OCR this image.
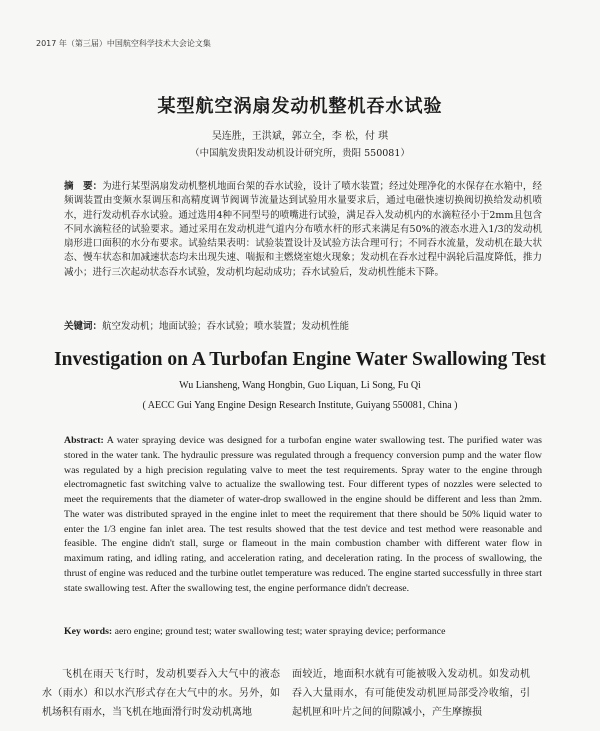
2017 年（第三届）中国航空科学技术大会论文集
某型航空涡扇发动机整机吞水试验
吴连胜，王洪斌，郭立全，李 松，付 琪
（中国航发贵阳发动机设计研究所，贵阳 550081）
摘　要：为进行某型涡扇发动机整机地面台架的吞水试验，设计了喷水装置；经过处理净化的水保存在水箱中，经频调装置由变频水泵调压和高精度调节阀调节流量达到试验用水量要求后，通过电磁快速切换阀切换给发动机喷水，进行发动机吞水试验。通过选用4种不同型号的喷嘴进行试验，满足吞入发动机内的水滴粒径小于2mm且包含不同水滴粒径的试验要求。通过采用在发动机进气道内分布喷水杆的形式来满足有50%的液态水进入1/3的发动机扇形进口面积的水分布要求。试验结果表明：试验装置设计及试验方法合理可行；不同吞水流量，发动机在最大状态、慢车状态和加减速状态均未出现失速、喘振和主燃烧室熄火现象；发动机在吞水过程中涡轮后温度降低，推力减小；进行三次起动状态吞水试验，发动机均起动成功；吞水试验后，发动机性能未下降。
关键词：航空发动机；地面试验；吞水试验；喷水装置；发动机性能
Investigation on A Turbofan Engine Water Swallowing Test
Wu Liansheng, Wang Hongbin, Guo Liquan, Li Song, Fu Qi
( AECC Gui Yang Engine Design Research Institute, Guiyang 550081, China )
Abstract: A water spraying device was designed for a turbofan engine water swallowing test. The purified water was stored in the water tank. The hydraulic pressure was regulated through a frequency conversion pump and the water flow was regulated by a high precision regulating valve to meet the test requirements. Spray water to the engine through electromagnetic fast switching valve to actualize the swallowing test. Four different types of nozzles were selected to meet the requirements that the diameter of water-drop swallowed in the engine should be different and less than 2mm. The water was distributed sprayed in the engine inlet to meet the requirement that there should be 50% liquid water to enter the 1/3 engine fan inlet area. The test results showed that the test device and test method were reasonable and feasible. The engine didn't stall, surge or flameout in the main combustion chamber with different water flow in maximum rating, and idling rating, and acceleration rating, and deceleration rating. In the process of swallowing, the thrust of engine was reduced and the turbine outlet temperature was reduced. The engine started successfully in three start state swallowing test. After the swallowing test, the engine performance didn't decrease.
Key words: aero engine; ground test; water swallowing test; water spraying device; performance
飞机在雨天飞行时，发动机要吞入大气中的液态水（雨水）和以水汽形式存在大气中的水。另外，如机场积有雨水，当飞机在地面滑行时发动机离地
面较近，地面积水就有可能被吸入发动机。如发动机吞入大量雨水，有可能使发动机匣局部受冷收缩，引起机匣和叶片之间的间隙减小，产生摩擦损
